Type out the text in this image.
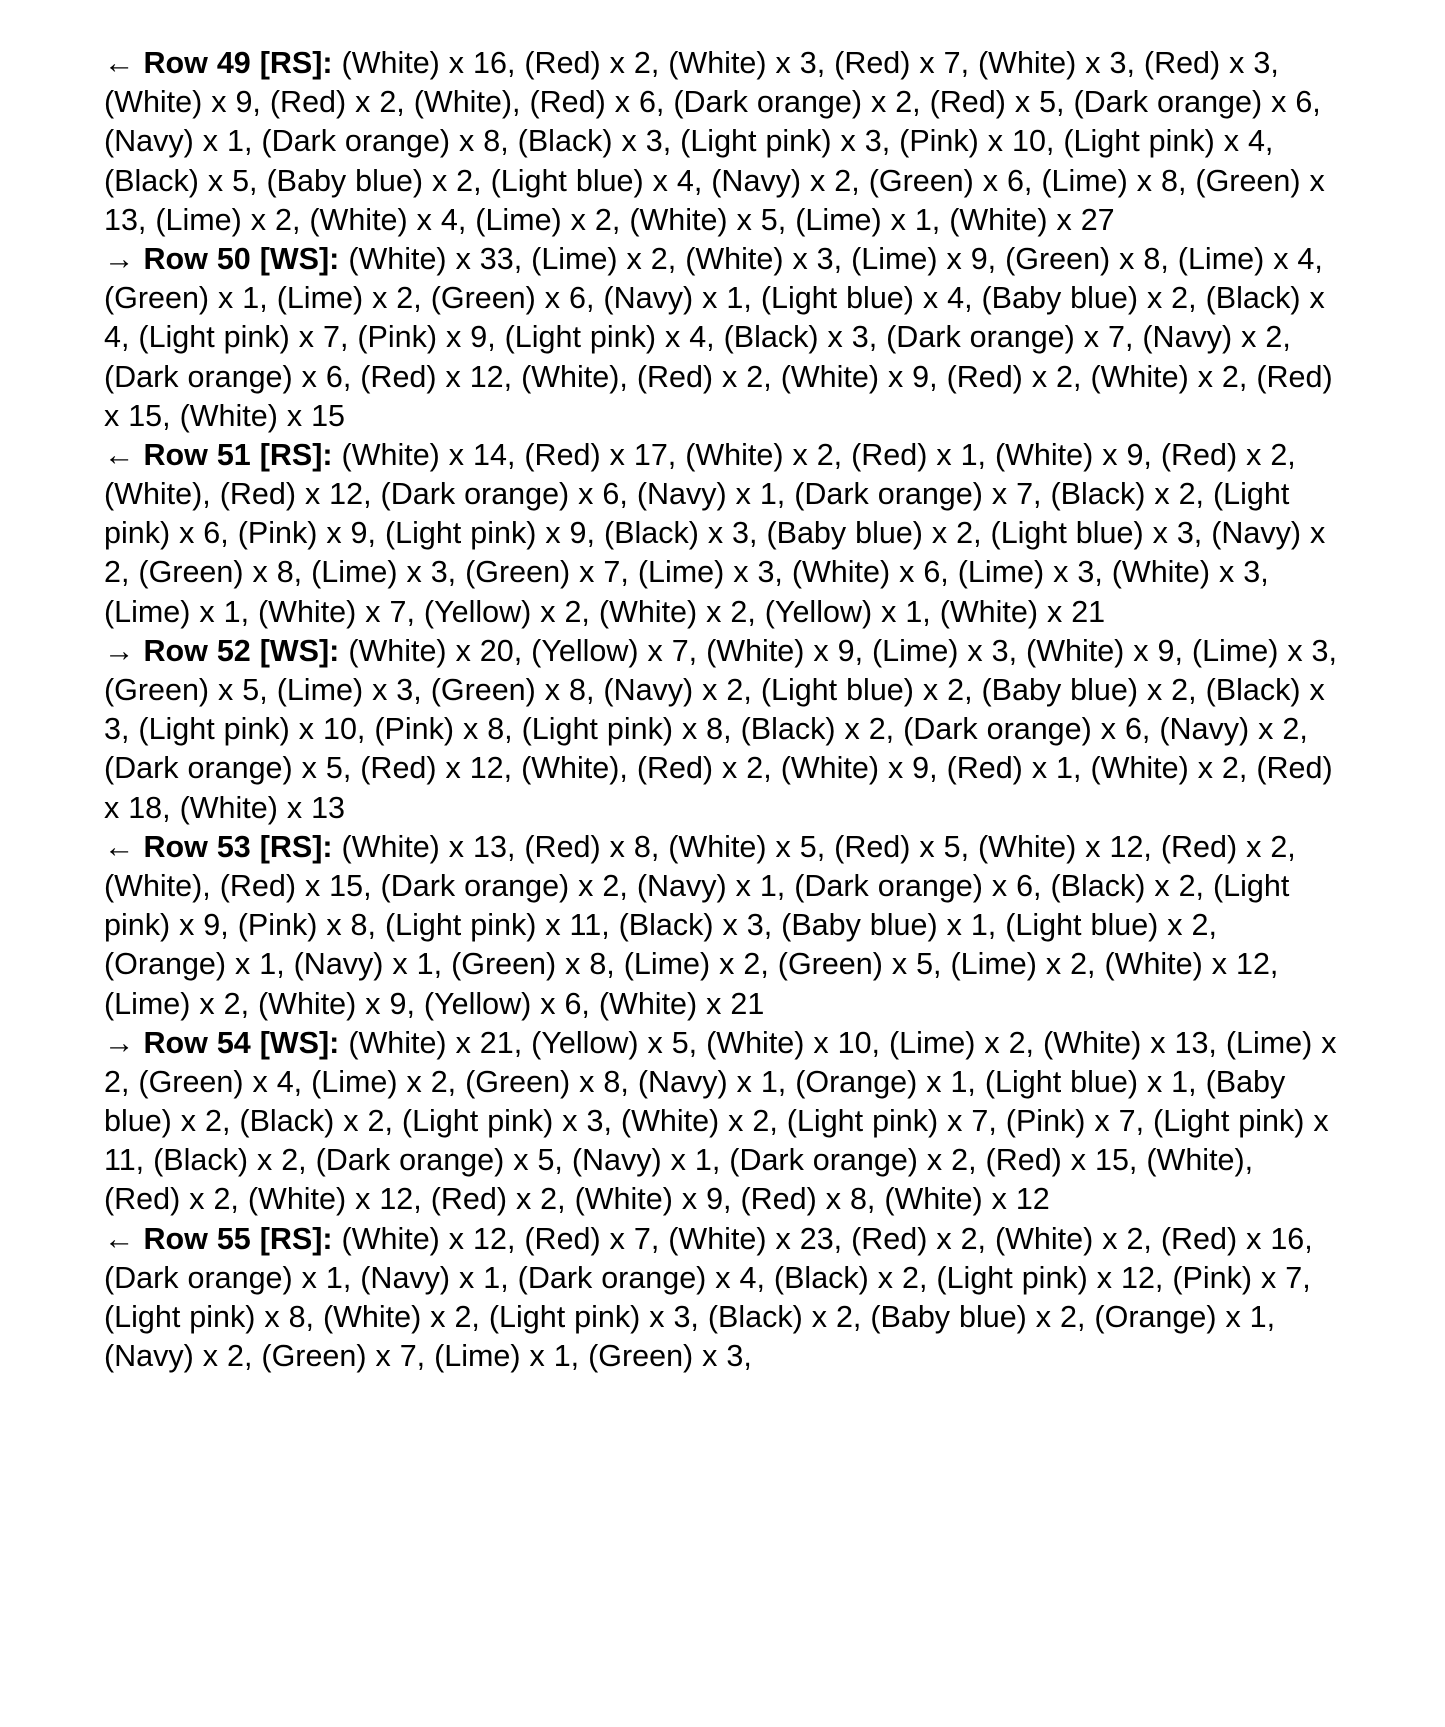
← Row 49 [RS]: (White) x 16, (Red) x 2, (White) x 3, (Red) x 7, (White) x 3, (Red) x 3, (White) x 9, (Red) x 2, (White), (Red) x 6, (Dark orange) x 2, (Red) x 5, (Dark orange) x 6, (Navy) x 1, (Dark orange) x 8, (Black) x 3, (Light pink) x 3, (Pink) x 10, (Light pink) x 4, (Black) x 5, (Baby blue) x 2, (Light blue) x 4, (Navy) x 2, (Green) x 6, (Lime) x 8, (Green) x 13, (Lime) x 2, (White) x 4, (Lime) x 2, (White) x 5, (Lime) x 1, (White) x 27

→ Row 50 [WS]: (White) x 33, (Lime) x 2, (White) x 3, (Lime) x 9, (Green) x 8, (Lime) x 4, (Green) x 1, (Lime) x 2, (Green) x 6, (Navy) x 1, (Light blue) x 4, (Baby blue) x 2, (Black) x 4, (Light pink) x 7, (Pink) x 9, (Light pink) x 4, (Black) x 3, (Dark orange) x 7, (Navy) x 2, (Dark orange) x 6, (Red) x 12, (White), (Red) x 2, (White) x 9, (Red) x 2, (White) x 2, (Red) x 15, (White) x 15

← Row 51 [RS]: (White) x 14, (Red) x 17, (White) x 2, (Red) x 1, (White) x 9, (Red) x 2, (White), (Red) x 12, (Dark orange) x 6, (Navy) x 1, (Dark orange) x 7, (Black) x 2, (Light pink) x 6, (Pink) x 9, (Light pink) x 9, (Black) x 3, (Baby blue) x 2, (Light blue) x 3, (Navy) x 2, (Green) x 8, (Lime) x 3, (Green) x 7, (Lime) x 3, (White) x 6, (Lime) x 3, (White) x 3, (Lime) x 1, (White) x 7, (Yellow) x 2, (White) x 2, (Yellow) x 1, (White) x 21

→ Row 52 [WS]: (White) x 20, (Yellow) x 7, (White) x 9, (Lime) x 3, (White) x 9, (Lime) x 3, (Green) x 5, (Lime) x 3, (Green) x 8, (Navy) x 2, (Light blue) x 2, (Baby blue) x 2, (Black) x 3, (Light pink) x 10, (Pink) x 8, (Light pink) x 8, (Black) x 2, (Dark orange) x 6, (Navy) x 2, (Dark orange) x 5, (Red) x 12, (White), (Red) x 2, (White) x 9, (Red) x 1, (White) x 2, (Red) x 18, (White) x 13

← Row 53 [RS]: (White) x 13, (Red) x 8, (White) x 5, (Red) x 5, (White) x 12, (Red) x 2, (White), (Red) x 15, (Dark orange) x 2, (Navy) x 1, (Dark orange) x 6, (Black) x 2, (Light pink) x 9, (Pink) x 8, (Light pink) x 11, (Black) x 3, (Baby blue) x 1, (Light blue) x 2, (Orange) x 1, (Navy) x 1, (Green) x 8, (Lime) x 2, (Green) x 5, (Lime) x 2, (White) x 12, (Lime) x 2, (White) x 9, (Yellow) x 6, (White) x 21

→ Row 54 [WS]: (White) x 21, (Yellow) x 5, (White) x 10, (Lime) x 2, (White) x 13, (Lime) x 2, (Green) x 4, (Lime) x 2, (Green) x 8, (Navy) x 1, (Orange) x 1, (Light blue) x 1, (Baby blue) x 2, (Black) x 2, (Light pink) x 3, (White) x 2, (Light pink) x 7, (Pink) x 7, (Light pink) x 11, (Black) x 2, (Dark orange) x 5, (Navy) x 1, (Dark orange) x 2, (Red) x 15, (White), (Red) x 2, (White) x 12, (Red) x 2, (White) x 9, (Red) x 8, (White) x 12

← Row 55 [RS]: (White) x 12, (Red) x 7, (White) x 23, (Red) x 2, (White) x 2, (Red) x 16, (Dark orange) x 1, (Navy) x 1, (Dark orange) x 4, (Black) x 2, (Light pink) x 12, (Pink) x 7, (Light pink) x 8, (White) x 2, (Light pink) x 3, (Black) x 2, (Baby blue) x 2, (Orange) x 1, (Navy) x 2, (Green) x 7, (Lime) x 1, (Green) x 3,
